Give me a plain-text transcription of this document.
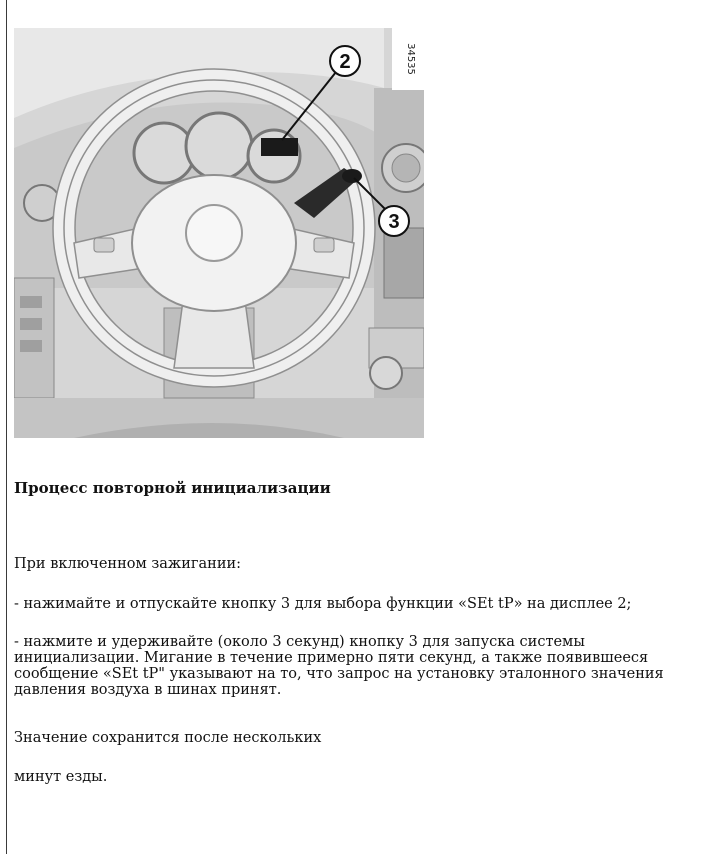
34535
2
3

Процесс повторной инициализации

При включенном зажигании:

- нажимайте и отпускайте кнопку 3 для выбора функции «SEt tP» на дисплее 2;

- нажмите и удерживайте (около 3 секунд) кнопку 3 для запуска системы инициализации. Мигание в течение примерно пяти секунд, а также появившееся сообщение «SEt tP" указывают на то, что запрос на установку эталонного значения давления воздуха в шинах принят.

Значение сохранится после нескольких

минут езды.
